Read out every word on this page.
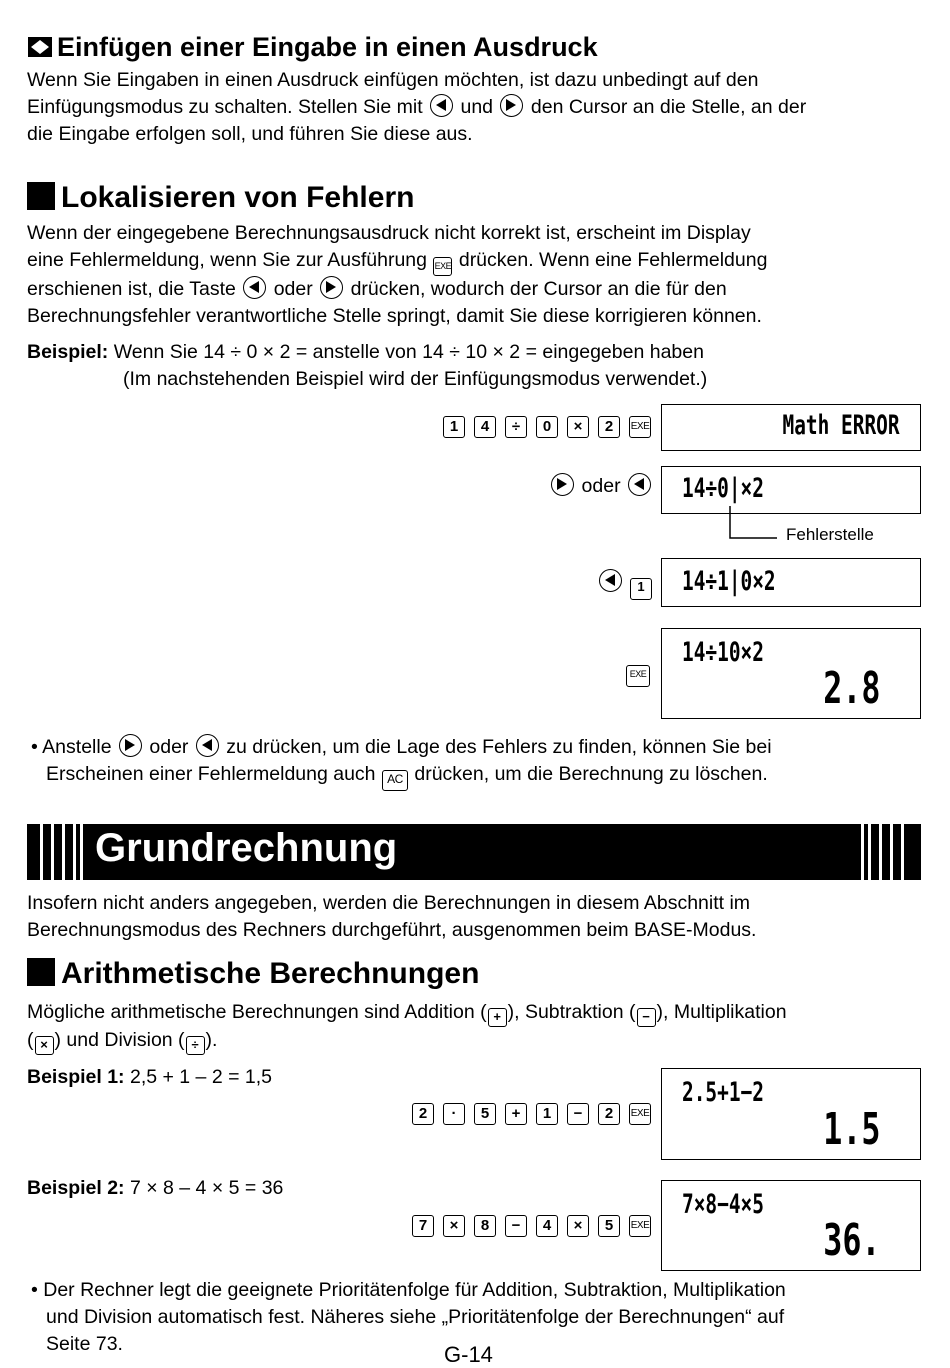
Einfügen einer Eingabe in einen Ausdruck
Wenn Sie Eingaben in einen Ausdruck einfügen möchten, ist dazu unbedingt auf den
Einfügungsmodus zu schalten. Stellen Sie mit und den Cursor an die Stelle, an der
die Eingabe erfolgen soll, und führen Sie diese aus.
Lokalisieren von Fehlern
Wenn der eingegebene Berechnungsausdruck nicht korrekt ist, erscheint im Display
eine Fehlermeldung, wenn Sie zur Ausführung EXE drücken. Wenn eine Fehlermeldung
erschienen ist, die Taste oder drücken, wodurch der Cursor an die für den
Berechnungsfehler verantwortliche Stelle springt, damit Sie diese korrigieren können.
Beispiel: Wenn Sie 14 ÷ 0 × 2 = anstelle von 14 ÷ 10 × 2 = eingegeben haben
(Im nachstehenden Beispiel wird der Einfügungsmodus verwendet.)
1	4	÷	0	×	2	EXE	Math ERROR
oder	14÷0|×2
Fehlerstelle
1	14÷1|0×2
EXE
14÷10×2
2.8
• Anstelle oder zu drücken, um die Lage des Fehlers zu finden, können Sie bei
Erscheinen einer Fehlermeldung auch AC drücken, um die Berechnung zu löschen.
Grundrechnung
Insofern nicht anders angegeben, werden die Berechnungen in diesem Abschnitt im
Berechnungsmodus des Rechners durchgeführt, ausgenommen beim BASE-Modus.
Arithmetische Berechnungen
Mögliche arithmetische Berechnungen sind Addition ( + ), Subtraktion ( − ), Multiplikation
( × ) und Division ( ÷ ).
Beispiel 1: 2,5 + 1 – 2 = 1,5
2	·	5	+	1	−	2	EXE
2.5+1−2
1.5
Beispiel 2: 7 × 8 – 4 × 5 = 36
7	×	8	−	4	×	5	EXE
7×8−4×5
36.
• Der Rechner legt die geeignete Prioritätenfolge für Addition, Subtraktion, Multiplikation
und Division automatisch fest. Näheres siehe „Prioritätenfolge der Berechnungen“ auf
Seite 73.	G-14
